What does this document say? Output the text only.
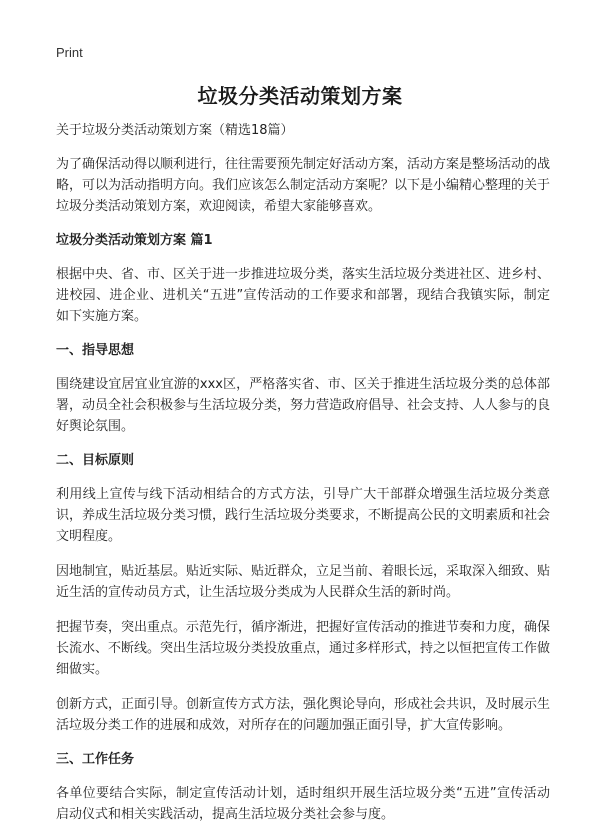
Print
垃圾分类活动策划方案

关于垃圾分类活动策划方案（精选18篇）

为了确保活动得以顺利进行，往往需要预先制定好活动方案，活动方案是整场活动的战略，可以为活动指明方向。我们应该怎么制定活动方案呢？以下是小编精心整理的关于垃圾分类活动策划方案，欢迎阅读，希望大家能够喜欢。

垃圾分类活动策划方案 篇1

根据中央、省、市、区关于进一步推进垃圾分类，落实生活垃圾分类进社区、进乡村、进校园、进企业、进机关“五进”宣传活动的工作要求和部署，现结合我镇实际，制定如下实施方案。

一、指导思想

围绕建设宜居宜业宜游的xxx区，严格落实省、市、区关于推进生活垃圾分类的总体部署，动员全社会积极参与生活垃圾分类，努力营造政府倡导、社会支持、人人参与的良好舆论氛围。

二、目标原则

利用线上宣传与线下活动相结合的方式方法，引导广大干部群众增强生活垃圾分类意识，养成生活垃圾分类习惯，践行生活垃圾分类要求，不断提高公民的文明素质和社会文明程度。

因地制宜，贴近基层。贴近实际、贴近群众，立足当前、着眼长远，采取深入细致、贴近生活的宣传动员方式，让生活垃圾分类成为人民群众生活的新时尚。

把握节奏，突出重点。示范先行，循序渐进，把握好宣传活动的推进节奏和力度，确保长流水、不断线。突出生活垃圾分类投放重点，通过多样形式，持之以恒把宣传工作做细做实。

创新方式，正面引导。创新宣传方式方法，强化舆论导向，形成社会共识，及时展示生活垃圾分类工作的进展和成效，对所存在的问题加强正面引导，扩大宣传影响。

三、工作任务

各单位要结合实际，制定宣传活动计划，适时组织开展生活垃圾分类“五进”宣传活动启动仪式和相关实践活动，提高生活垃圾分类社会参与度。
